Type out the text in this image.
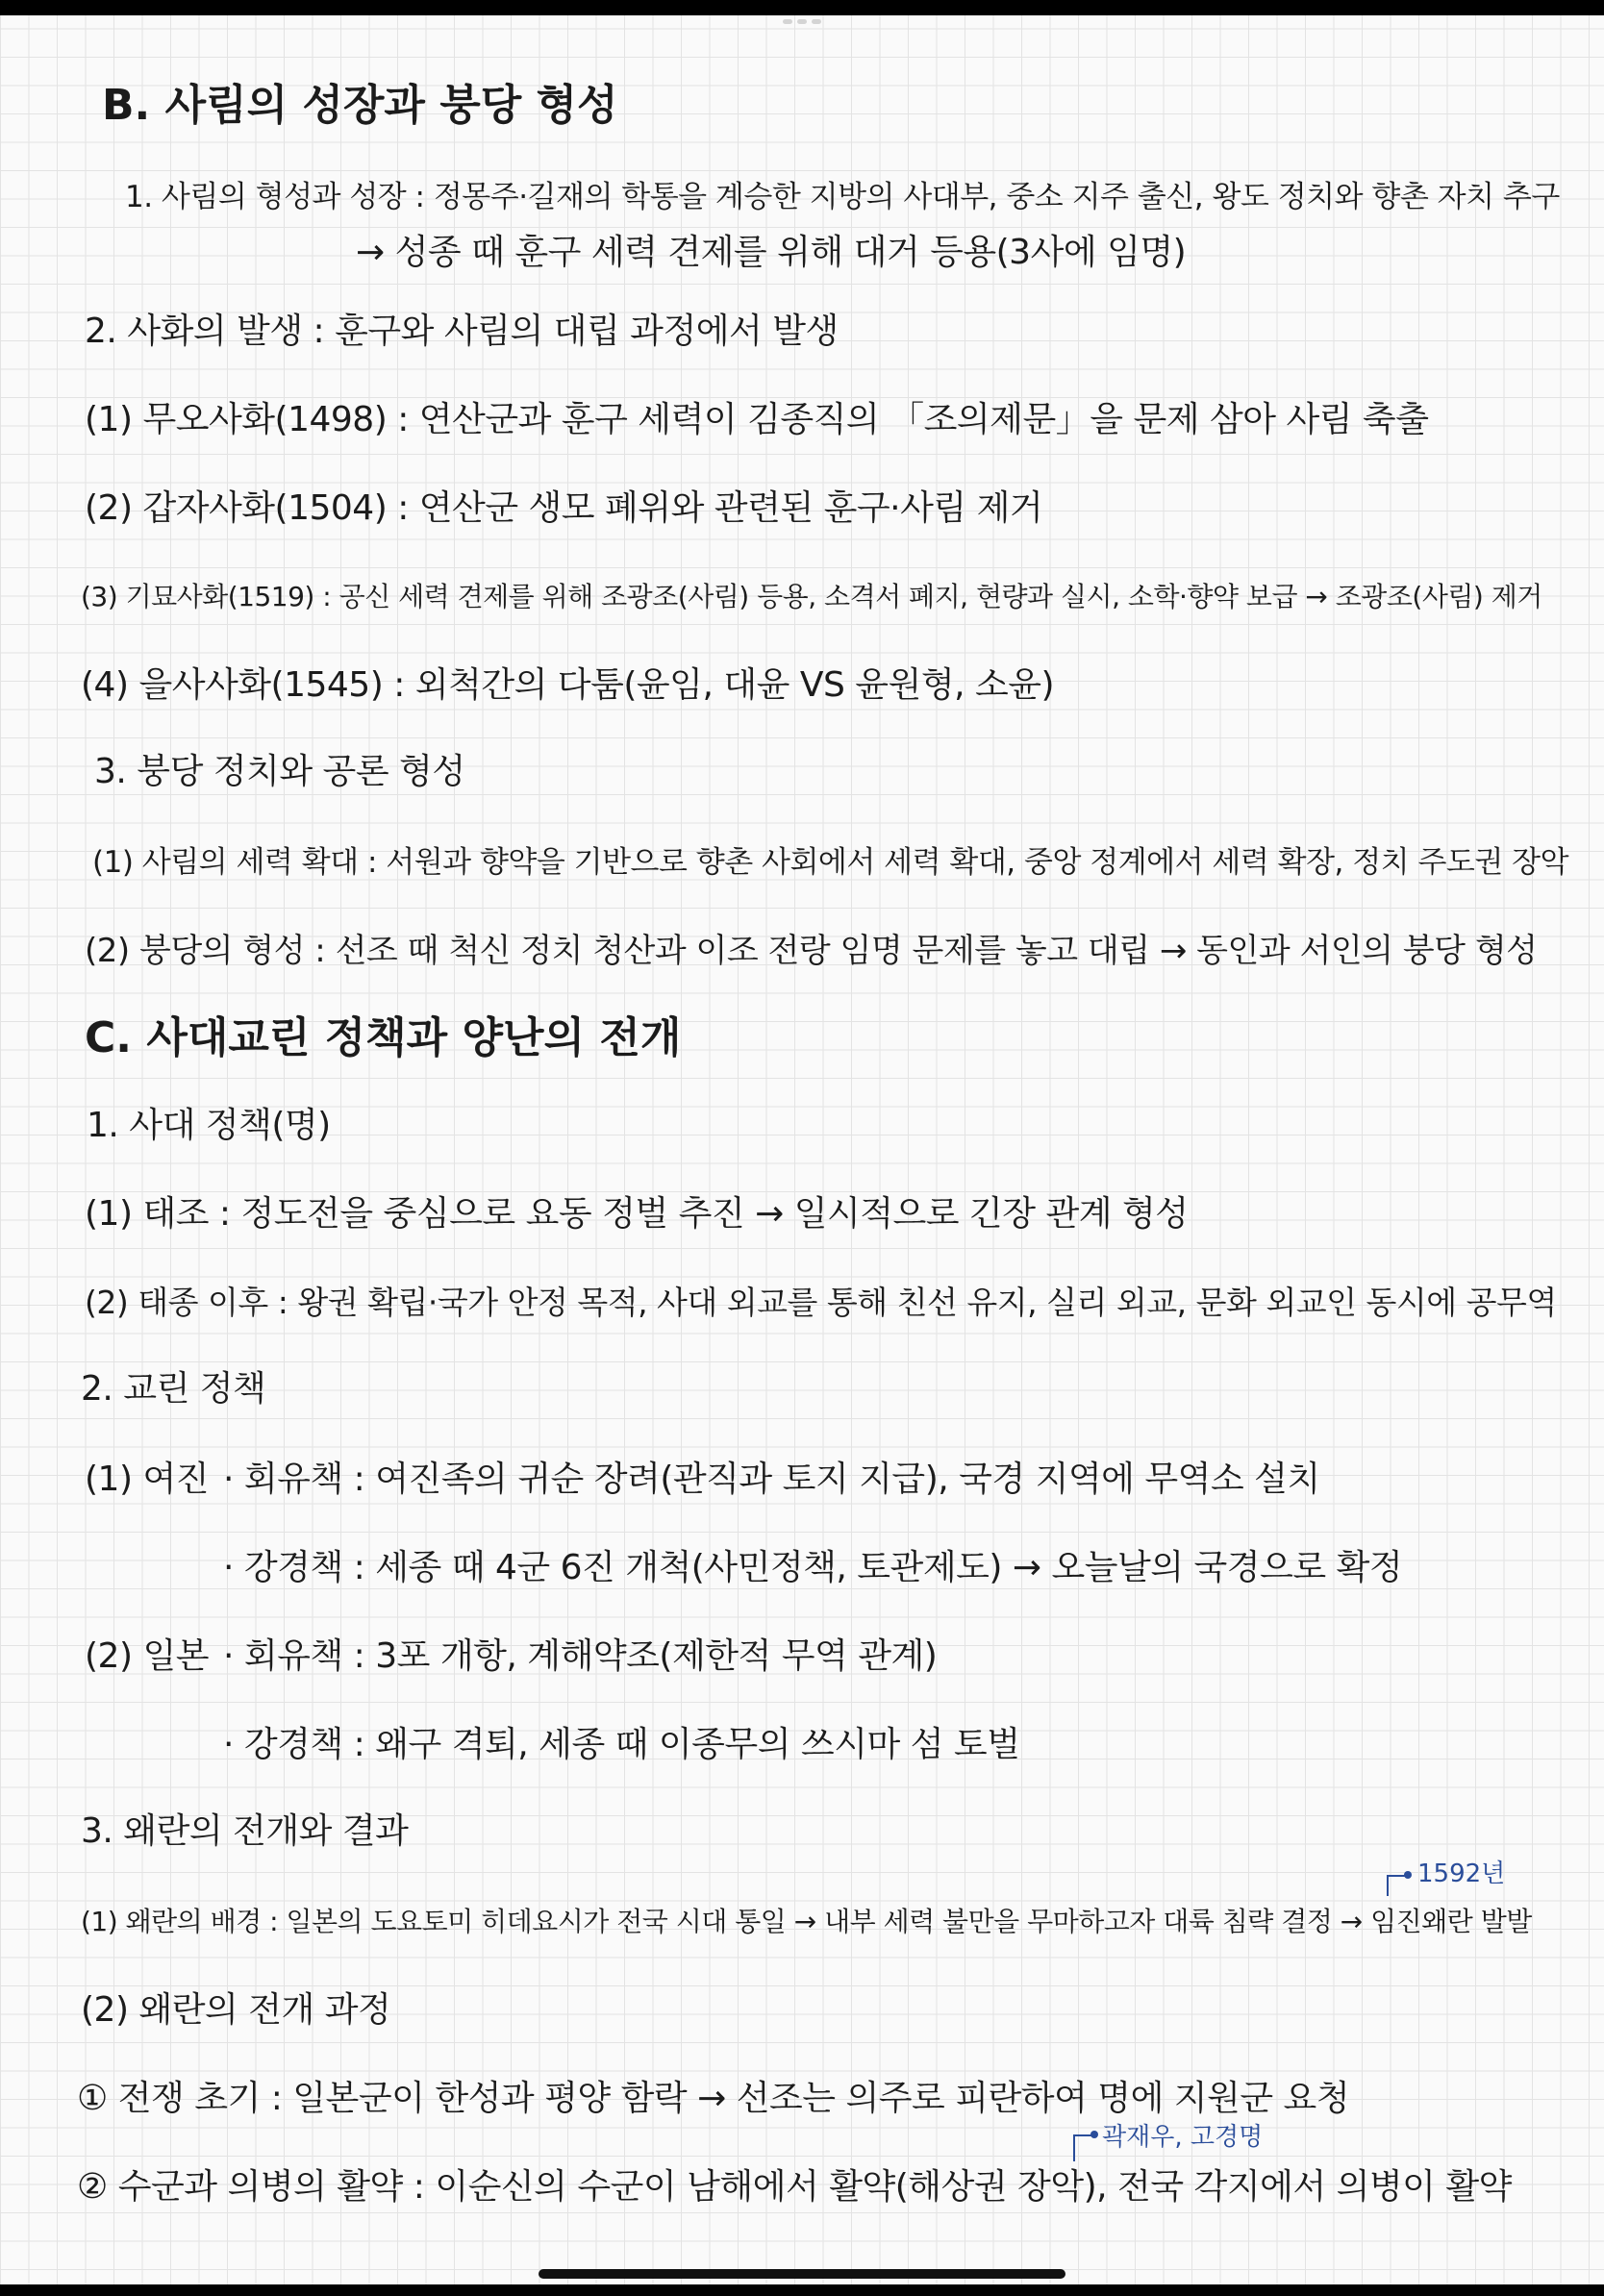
B. 사림의 성장과 붕당 형성
1. 사림의 형성과 성장 : 정몽주·길재의 학통을 계승한 지방의 사대부, 중소 지주 출신, 왕도 정치와 향촌 자치 추구
→ 성종 때 훈구 세력 견제를 위해 대거 등용(3사에 임명)
2. 사화의 발생 : 훈구와 사림의 대립 과정에서 발생
(1) 무오사화(1498) : 연산군과 훈구 세력이 김종직의 「조의제문」을 문제 삼아 사림 축출
(2) 갑자사화(1504) : 연산군 생모 폐위와 관련된 훈구·사림 제거
(3) 기묘사화(1519) : 공신 세력 견제를 위해 조광조(사림) 등용, 소격서 폐지, 현량과 실시, 소학·향약 보급 → 조광조(사림) 제거
(4) 을사사화(1545) : 외척간의 다툼(윤임, 대윤 VS 윤원형, 소윤)
3. 붕당 정치와 공론 형성
(1) 사림의 세력 확대 : 서원과 향약을 기반으로 향촌 사회에서 세력 확대, 중앙 정계에서 세력 확장, 정치 주도권 장악
(2) 붕당의 형성 : 선조 때 척신 정치 청산과 이조 전랑 임명 문제를 놓고 대립 → 동인과 서인의 붕당 형성
C. 사대교린 정책과 양난의 전개
1. 사대 정책(명)
(1) 태조 : 정도전을 중심으로 요동 정벌 추진 → 일시적으로 긴장 관계 형성
(2) 태종 이후 : 왕권 확립·국가 안정 목적, 사대 외교를 통해 친선 유지, 실리 외교, 문화 외교인 동시에 공무역
2. 교린 정책
(1) 여진 · 회유책 : 여진족의 귀순 장려(관직과 토지 지급), 국경 지역에 무역소 설치
· 강경책 : 세종 때 4군 6진 개척(사민정책, 토관제도) → 오늘날의 국경으로 확정
(2) 일본 · 회유책 : 3포 개항, 계해약조(제한적 무역 관계)
· 강경책 : 왜구 격퇴, 세종 때 이종무의 쓰시마 섬 토벌
3. 왜란의 전개와 결과
1592년
(1) 왜란의 배경 : 일본의 도요토미 히데요시가 전국 시대 통일 → 내부 세력 불만을 무마하고자 대륙 침략 결정 → 임진왜란 발발
(2) 왜란의 전개 과정
① 전쟁 초기 : 일본군이 한성과 평양 함락 → 선조는 의주로 피란하여 명에 지원군 요청
곽재우, 고경명
② 수군과 의병의 활약 : 이순신의 수군이 남해에서 활약(해상권 장악), 전국 각지에서 의병이 활약
